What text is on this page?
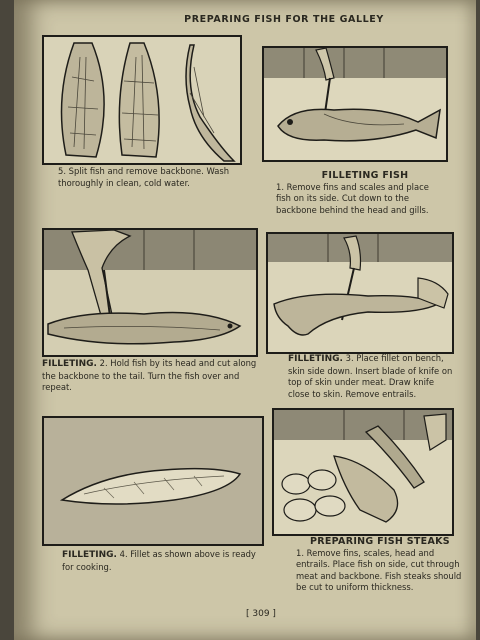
PREPARING FISH FOR THE GALLEY
5. Split fish and remove backbone. Wash thoroughly in clean, cold water.
FILLETING FISH
1. Remove fins and scales and place fish on its side. Cut down to the backbone behind the head and gills.
FILLETING. 2. Hold fish by its head and cut along the backbone to the tail. Turn the fish over and repeat.
FILLETING. 3. Place fillet on bench, skin side down. Insert blade of knife on top of skin under meat. Draw knife close to skin. Remove entrails.
FILLETING. 4. Fillet as shown above is ready for cooking.
PREPARING FISH STEAKS
1. Remove fins, scales, head and entrails. Place fish on side, cut through meat and backbone. Fish steaks should be cut to uniform thickness.
[ 309 ]
